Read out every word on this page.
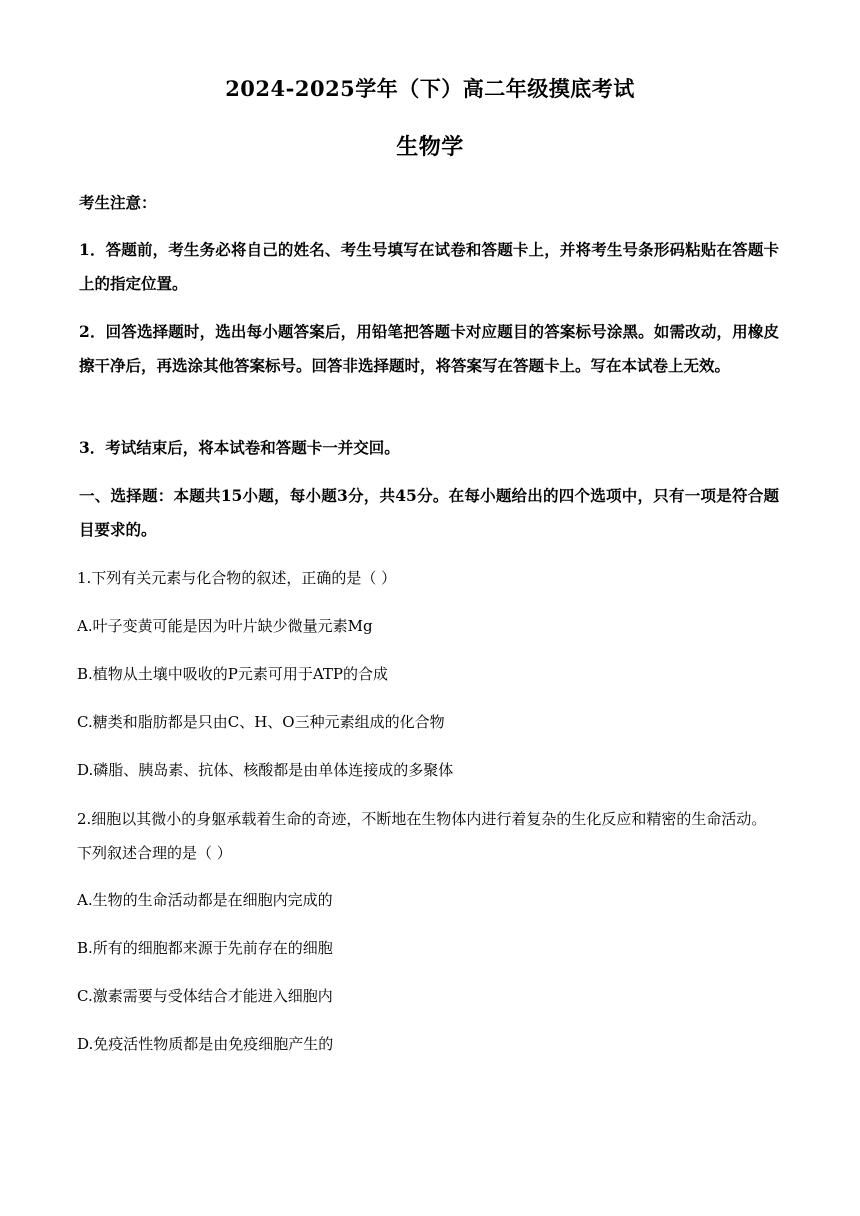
2024-2025学年（下）高二年级摸底考试
生物学
考生注意：
1．答题前，考生务必将自己的姓名、考生号填写在试卷和答题卡上，并将考生号条形码粘贴在答题卡上的指定位置。
2．回答选择题时，选出每小题答案后，用铅笔把答题卡对应题目的答案标号涂黑。如需改动，用橡皮擦干净后，再选涂其他答案标号。回答非选择题时，将答案写在答题卡上。写在本试卷上无效。
3．考试结束后，将本试卷和答题卡一并交回。
一、选择题：本题共15小题，每小题3分，共45分。在每小题给出的四个选项中，只有一项是符合题目要求的。
1.下列有关元素与化合物的叙述，正确的是（ ）
A.叶子变黄可能是因为叶片缺少微量元素Mg
B.植物从土壤中吸收的P元素可用于ATP的合成
C.糖类和脂肪都是只由C、H、O三种元素组成的化合物
D.磷脂、胰岛素、抗体、核酸都是由单体连接成的多聚体
2.细胞以其微小的身躯承载着生命的奇迹，不断地在生物体内进行着复杂的生化反应和精密的生命活动。下列叙述合理的是（ ）
A.生物的生命活动都是在细胞内完成的
B.所有的细胞都来源于先前存在的细胞
C.激素需要与受体结合才能进入细胞内
D.免疫活性物质都是由免疫细胞产生的
